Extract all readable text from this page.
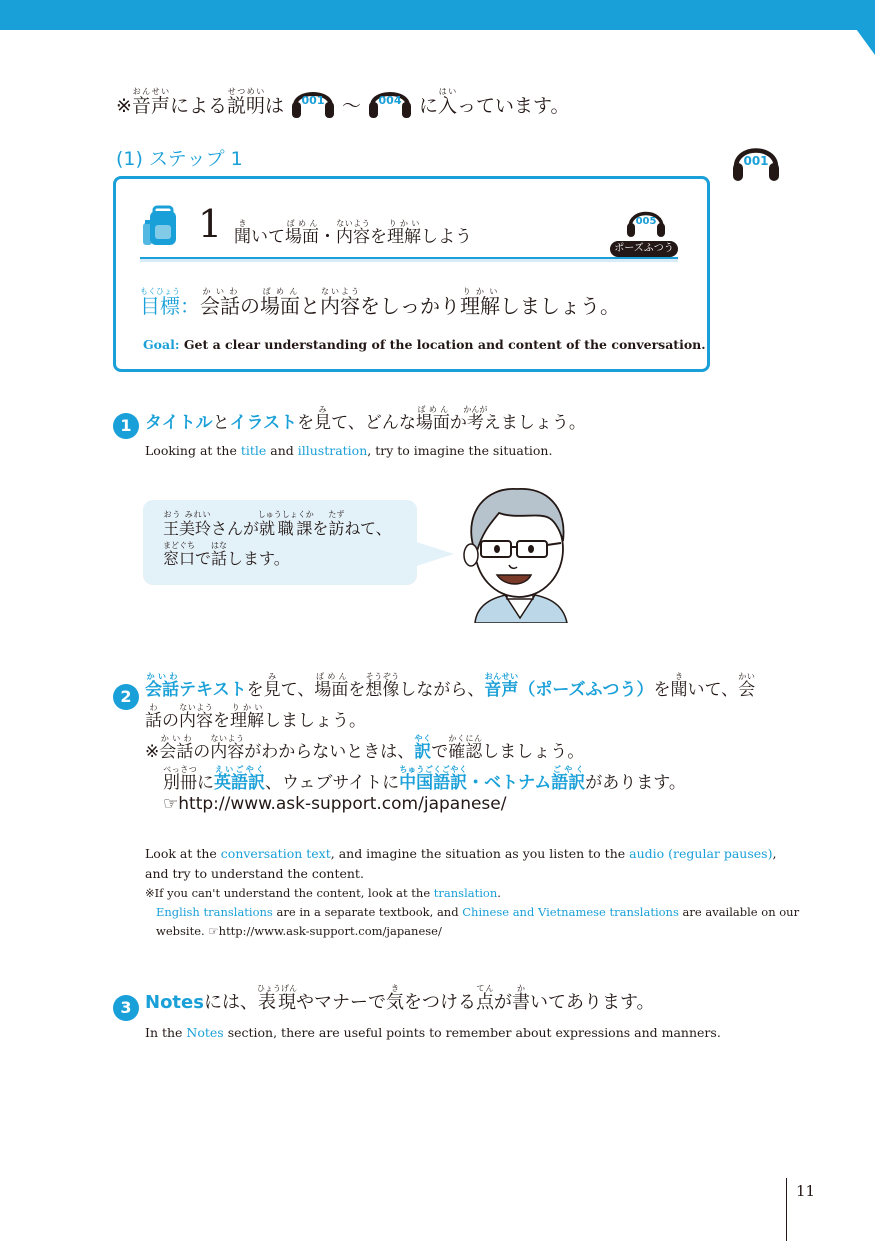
※ 音声おんせい
による 説明せつめい
は 001 〜 004 に 入はい
っています。
(1) ステップ 1	001
1 聞きいて場面ばめん・内容ないようを理解りかいしよう
005
ポーズふつう
目標もくひょう：会話かいわの場面ばめんと内容ないようをしっかり理解りかいしましょう。
Goal: Get a clear understanding of the location and content of the conversation.
1 タイトルとイラストを見みて、どんな場面ばめんか考かんがえましょう。
Looking at the title and illustration, try to imagine the situation.
王美玲おう みれいさんが就職課しゅうしょくかを訪たずねて、
窓口まどぐちで話はなします。
2 会話かいわテキストを見みて、場面ばめんを想像そうぞうしながら、音声おんせい（ポーズふつう）を聞きいて、会かい
話わの内容ないようを理解りかいしましょう。
※会話かいわの内容ないようがわからないときは、訳やくで確認かくにんしましょう。
別冊べっさつに英語訳えいごやく、ウェブサイトに中国語訳ちゅうごくごやく・ベトナム語訳ごやくがあります。
☞http://www.ask-support.com/japanese/
Look at the conversation text, and imagine the situation as you listen to the audio (regular pauses),
and try to understand the content.
※If you can't understand the content, look at the translation.
English translations are in a separate textbook, and Chinese and Vietnamese translations are available on our
website. ☞http://www.ask-support.com/japanese/
3 Notesには、表現ひょうげんやマナーで気きをつける点てんが書かいてあります。
In the Notes section, there are useful points to remember about expressions and manners.
11
